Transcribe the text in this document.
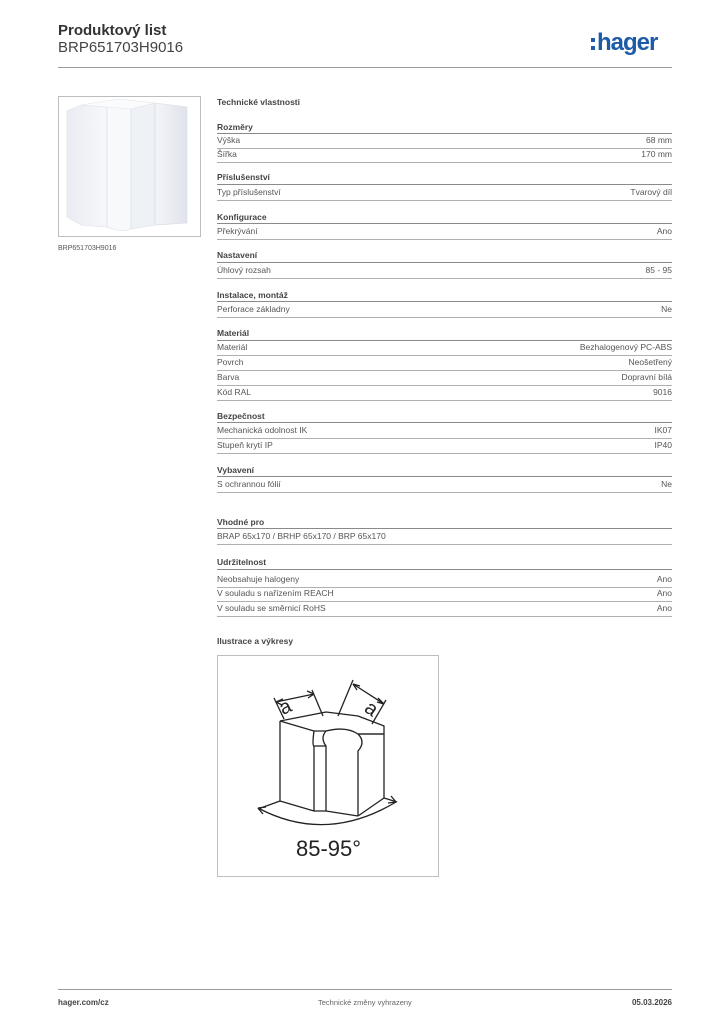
Produktový list
BRP651703H9016	hager
BRP651703H9016
Technické vlastnosti
Rozměry
Výška	68 mm
Šířka	170 mm
Příslušenství
Typ příslušenství	Tvarový díl
Konfigurace
Překrývání	Ano
Nastavení
Úhlový rozsah	85 - 95
Instalace, montáž
Perforace základny	Ne
Materiál
Materiál	Bezhalogenový PC-ABS
Povrch	Neošetřený
Barva	Dopravní bílá
Kód RAL	9016
Bezpečnost
Mechanická odolnost IK	IK07
Stupeň krytí IP	IP40
Vybavení
S ochrannou fólií	Ne
Vhodné pro
BRAP 65x170 / BRHP 65x170 / BRP 65x170
Udržitelnost
Neobsahuje halogeny	Ano
V souladu s nařízením REACH	Ano
V souladu se směrnicí RoHS	Ano
Ilustrace a výkresy
a	a
85-95°
hager.com/cz	Technické změny vyhrazeny	05.03.2026
